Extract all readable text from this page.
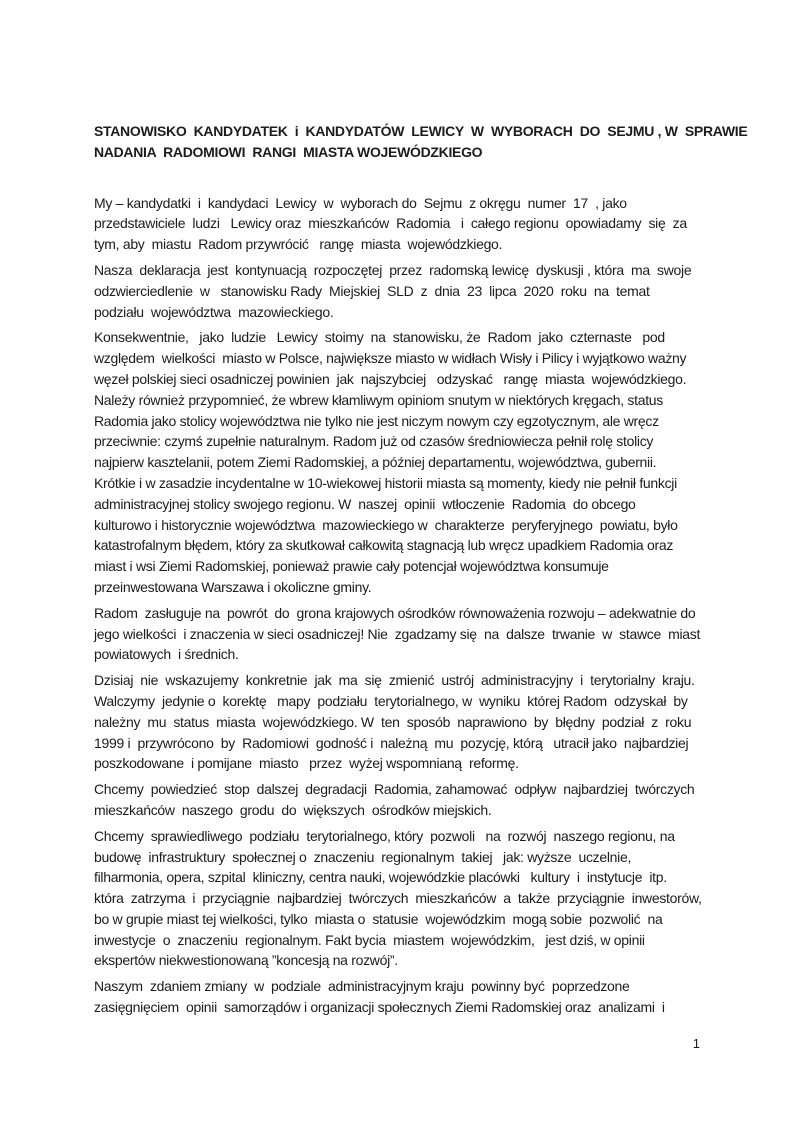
STANOWISKO  KANDYDATEK  i  KANDYDATÓW  LEWICY  W  WYBORACH  DO  SEJMU , W  SPRAWIE
NADANIA  RADOMIOWI  RANGI  MIASTA WOJEWÓDZKIEGO
My – kandydatki  i  kandydaci  Lewicy  w  wyborach do  Sejmu  z okręgu  numer  17  , jako
przedstawiciele  ludzi   Lewicy oraz  mieszkańców  Radomia   i  całego regionu  opowiadamy  się  za
tym, aby  miastu  Radom przywrócić   rangę  miasta  wojewódzkiego.
Nasza  deklaracja  jest  kontynuacją  rozpoczętej  przez  radomską lewicę  dyskusji , która  ma  swoje
odzwierciedlenie  w   stanowisku Rady  Miejskiej  SLD  z  dnia  23  lipca  2020  roku  na  temat
podziału  województwa  mazowieckiego.
Konsekwentnie,   jako  ludzie   Lewicy  stoimy  na  stanowisku, że  Radom  jako  czternaste   pod
względem  wielkości  miasto w Polsce, największe miasto w widłach Wisły i Pilicy i wyjątkowo ważny
węzeł polskiej sieci osadniczej powinien  jak  najszybciej   odzyskać   rangę  miasta  wojewódzkiego.
Należy również przypomnieć, że wbrew kłamliwym opiniom snutym w niektórych kręgach, status
Radomia jako stolicy województwa nie tylko nie jest niczym nowym czy egzotycznym, ale wręcz
przeciwnie: czymś zupełnie naturalnym. Radom już od czasów średniowiecza pełnił rolę stolicy
najpierw kasztelanii, potem Ziemi Radomskiej, a później departamentu, województwa, gubernii.
Krótkie i w zasadzie incydentalne w 10-wiekowej historii miasta są momenty, kiedy nie pełnił funkcji
administracyjnej stolicy swojego regionu. W  naszej  opinii  wtłoczenie  Radomia  do obcego
kulturowo i historycznie województwa  mazowieckiego w  charakterze  peryferyjnego  powiatu, było
katastrofalnym błędem, który za skutkował całkowitą stagnacją lub wręcz upadkiem Radomia oraz
miast i wsi Ziemi Radomskiej, ponieważ prawie cały potencjał województwa konsumuje
przeinwestowana Warszawa i okoliczne gminy.
Radom  zasługuje na  powrót  do  grona krajowych ośrodków równoważenia rozwoju – adekwatnie do
jego wielkości  i znaczenia w sieci osadniczej! Nie  zgadzamy się  na  dalsze  trwanie  w  stawce  miast
powiatowych  i średnich.
Dzisiaj  nie  wskazujemy  konkretnie  jak  ma  się  zmienić  ustrój  administracyjny  i  terytorialny  kraju.
Walczymy  jedynie o  korektę   mapy  podziału  terytorialnego, w  wyniku  której Radom  odzyskał  by
należny  mu  status  miasta  wojewódzkiego. W  ten  sposób  naprawiono  by  błędny  podział  z  roku
1999 i  przywrócono  by  Radomiowi  godność i  należną  mu  pozycję, którą   utracił jako  najbardziej
poszkodowane  i pomijane  miasto   przez  wyżej wspomnianą  reformę.
Chcemy  powiedzieć  stop  dalszej  degradacji  Radomia, zahamować  odpływ  najbardziej  twórczych
mieszkańców  naszego  grodu  do  większych  ośrodków miejskich.
Chcemy  sprawiedliwego  podziału  terytorialnego, który  pozwoli   na  rozwój  naszego regionu, na
budowę  infrastruktury  społecznej o  znaczeniu  regionalnym  takiej   jak: wyższe  uczelnie,
filharmonia, opera, szpital  kliniczny, centra nauki, wojewódzkie placówki   kultury  i  instytucje  itp.
która  zatrzyma  i  przyciągnie  najbardziej  twórczych  mieszkańców  a  także  przyciągnie  inwestorów,
bo w grupie miast tej wielkości, tylko  miasta o  statusie  wojewódzkim  mogą sobie  pozwolić  na
inwestycje  o  znaczeniu  regionalnym. Fakt bycia  miastem  wojewódzkim,   jest dziś, w opinii
ekspertów niekwestionowaną ”koncesją na rozwój”.
Naszym  zdaniem zmiany  w  podziale  administracyjnym kraju  powinny być  poprzedzone
zasięgnięciem  opinii  samorządów i organizacji społecznych Ziemi Radomskiej oraz  analizami  i
1
